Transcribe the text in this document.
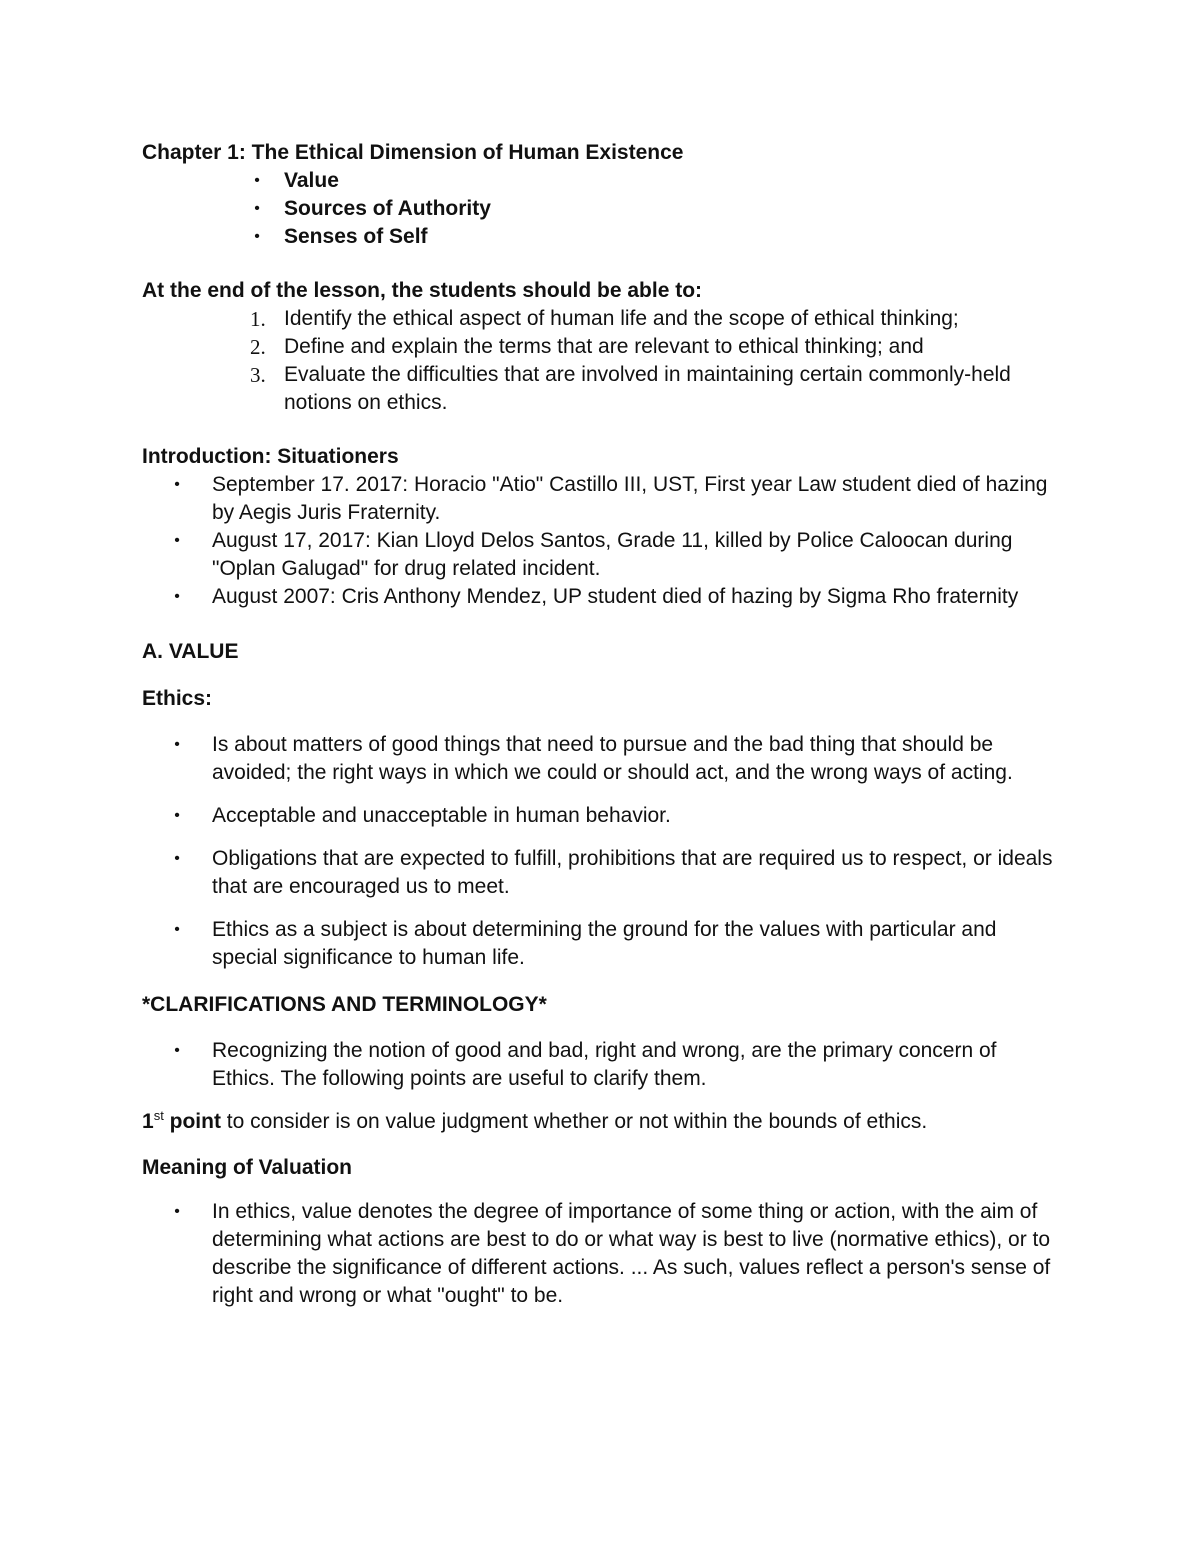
Chapter 1: The Ethical Dimension of Human Existence

• Value
• Sources of Authority
• Senses of Self

At the end of the lesson, the students should be able to:

1. Identify the ethical aspect of human life and the scope of ethical thinking;
2. Define and explain the terms that are relevant to ethical thinking; and
3. Evaluate the difficulties that are involved in maintaining certain commonly-held notions on ethics.

Introduction: Situationers

• September 17. 2017: Horacio "Atio" Castillo III, UST, First year Law student died of hazing by Aegis Juris Fraternity.
• August 17, 2017: Kian Lloyd Delos Santos, Grade 11, killed by Police Caloocan during "Oplan Galugad" for drug related incident.
• August 2007: Cris Anthony Mendez, UP student died of hazing by Sigma Rho fraternity

A. VALUE

Ethics:

• Is about matters of good things that need to pursue and the bad thing that should be avoided; the right ways in which we could or should act, and the wrong ways of acting.
• Acceptable and unacceptable in human behavior.
• Obligations that are expected to fulfill, prohibitions that are required us to respect, or ideals that are encouraged us to meet.
• Ethics as a subject is about determining the ground for the values with particular and special significance to human life.

*CLARIFICATIONS AND TERMINOLOGY*

• Recognizing the notion of good and bad, right and wrong, are the primary concern of Ethics. The following points are useful to clarify them.

1st point to consider is on value judgment whether or not within the bounds of ethics.

Meaning of Valuation

• In ethics, value denotes the degree of importance of some thing or action, with the aim of determining what actions are best to do or what way is best to live (normative ethics), or to describe the significance of different actions. ... As such, values reflect a person's sense of right and wrong or what "ought" to be.
